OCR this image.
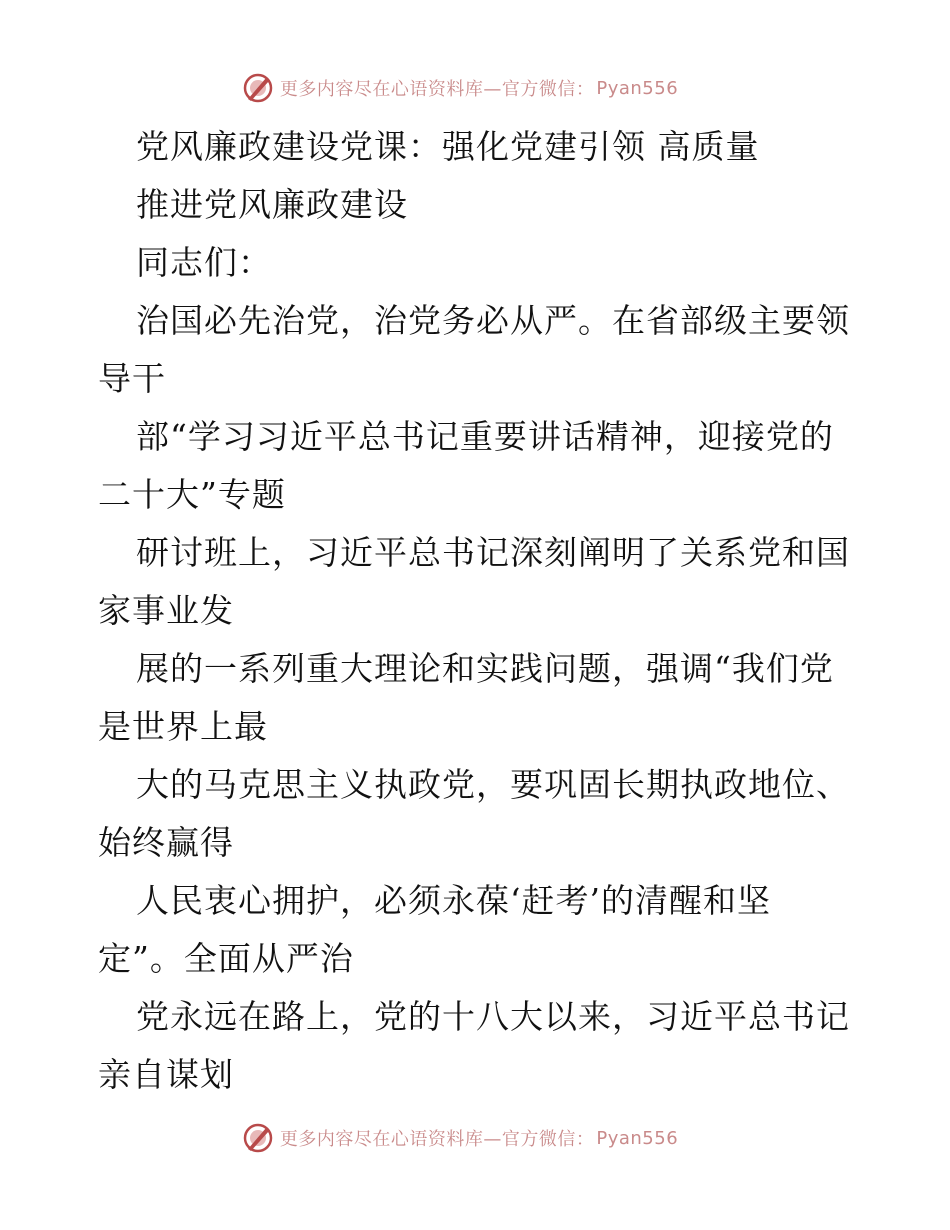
更多内容尽在心语资料库—官方微信： Pyan556
党风廉政建设党课：强化党建引领 高质量
推进党风廉政建设
同志们：
治国必先治党，治党务必从严。在省部级主要领
导干
部“学习习近平总书记重要讲话精神，迎接党的
二十大”专题
研讨班上，习近平总书记深刻阐明了关系党和国
家事业发
展的一系列重大理论和实践问题，强调“我们党
是世界上最
大的马克思主义执政党，要巩固长期执政地位、
始终赢得
人民衷心拥护，必须永葆‘赶考’的清醒和坚
定”。全面从严治
党永远在路上，党的十八大以来，习近平总书记
亲自谋划
更多内容尽在心语资料库—官方微信： Pyan556
